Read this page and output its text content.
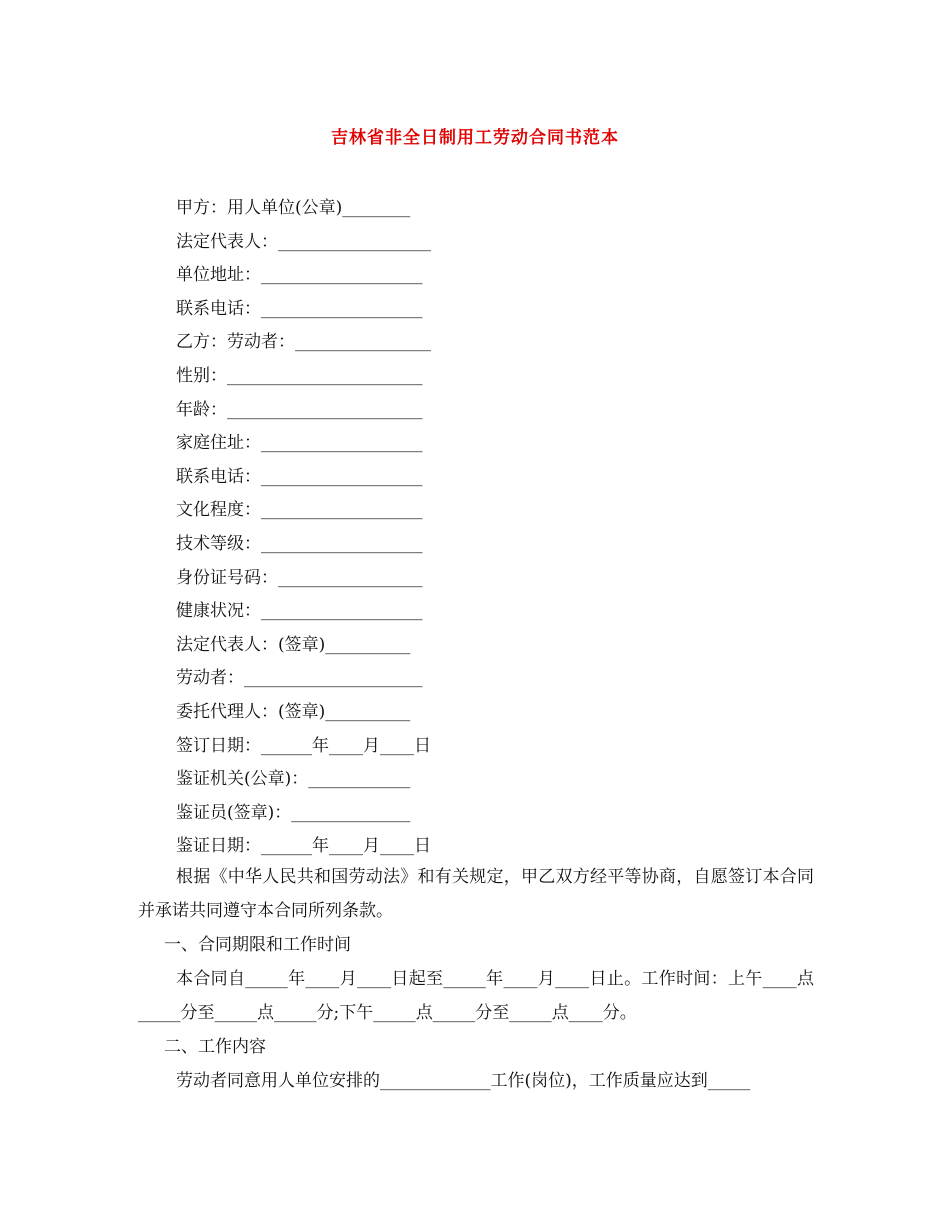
吉林省非全日制用工劳动合同书范本
甲方：用人单位(公章)________
法定代表人：__________________
单位地址：___________________
联系电话：___________________
乙方：劳动者：________________
性别：_______________________
年龄：_______________________
家庭住址：___________________
联系电话：___________________
文化程度：___________________
技术等级：___________________
身份证号码：_________________
健康状况：___________________
法定代表人：(签章)__________
劳动者：_____________________
委托代理人：(签章)__________
签订日期：______年____月____日
鉴证机关(公章)：____________
鉴证员(签章)：______________
鉴证日期：______年____月____日

根据《中华人民共和国劳动法》和有关规定，甲乙双方经平等协商，自愿签订本合同并承诺共同遵守本合同所列条款。

一、合同期限和工作时间

本合同自_____年____月____日起至_____年____月____日止。工作时间：上午____点_____分至_____点_____分;下午_____点_____分至_____点____分。

二、工作内容

劳动者同意用人单位安排的_____________工作(岗位)，工作质量应达到_____
